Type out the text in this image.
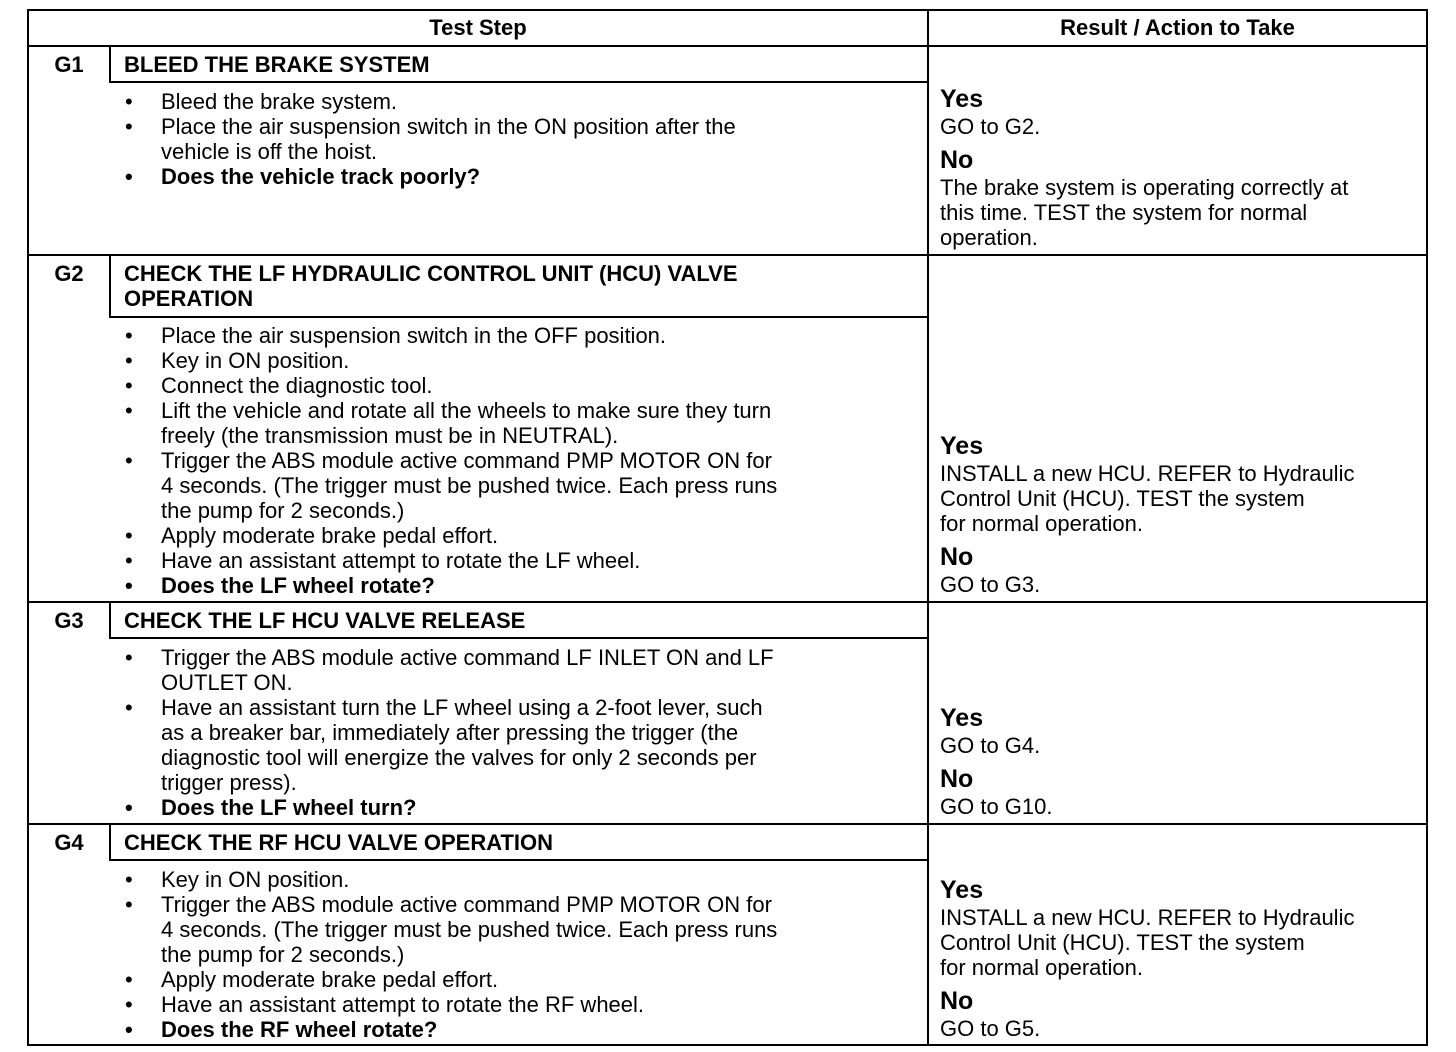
Test Step	Result / Action to Take
G1	BLEED THE BRAKE SYSTEM
• Bleed the brake system.
• Place the air suspension switch in the ON position after the
vehicle is off the hoist.
• Does the vehicle track poorly?
Yes
GO to G2.
No
The brake system is operating correctly at
this time. TEST the system for normal
operation.
G2	CHECK THE LF HYDRAULIC CONTROL UNIT (HCU) VALVE
OPERATION
• Place the air suspension switch in the OFF position.
• Key in ON position.
• Connect the diagnostic tool.
• Lift the vehicle and rotate all the wheels to make sure they turn
freely (the transmission must be in NEUTRAL).
• Trigger the ABS module active command PMP MOTOR ON for
4 seconds. (The trigger must be pushed twice. Each press runs
the pump for 2 seconds.)
• Apply moderate brake pedal effort.
• Have an assistant attempt to rotate the LF wheel.
• Does the LF wheel rotate?
Yes
INSTALL a new HCU. REFER to Hydraulic
Control Unit (HCU). TEST the system
for normal operation.
No
GO to G3.
G3	CHECK THE LF HCU VALVE RELEASE
• Trigger the ABS module active command LF INLET ON and LF
OUTLET ON.
• Have an assistant turn the LF wheel using a 2-foot lever, such
as a breaker bar, immediately after pressing the trigger (the
diagnostic tool will energize the valves for only 2 seconds per
trigger press).
• Does the LF wheel turn?
Yes
GO to G4.
No
GO to G10.
G4	CHECK THE RF HCU VALVE OPERATION
• Key in ON position.
• Trigger the ABS module active command PMP MOTOR ON for
4 seconds. (The trigger must be pushed twice. Each press runs
the pump for 2 seconds.)
• Apply moderate brake pedal effort.
• Have an assistant attempt to rotate the RF wheel.
• Does the RF wheel rotate?
Yes
INSTALL a new HCU. REFER to Hydraulic
Control Unit (HCU). TEST the system
for normal operation.
No
GO to G5.
